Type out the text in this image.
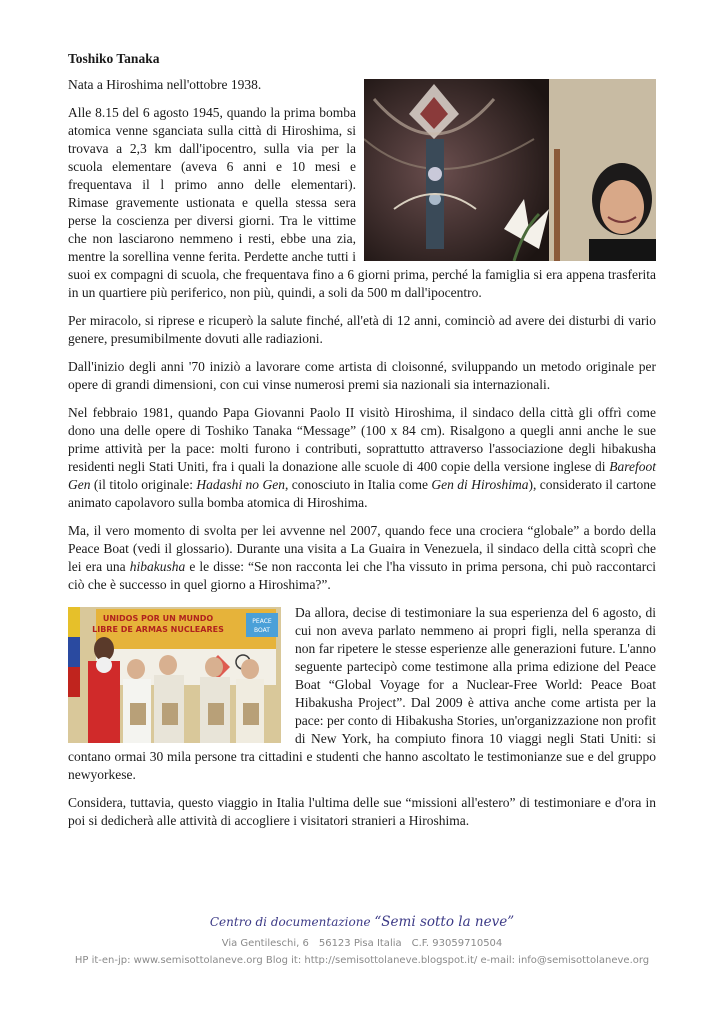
Toshiko Tanaka

Nata a Hiroshima nell'ottobre 1938.

Alle 8.15 del 6 agosto 1945, quando la prima bomba atomica venne sganciata sulla città di Hiroshima, si trovava a 2,3 km dall'ipocentro, sulla via per la scuola elementare (aveva 6 anni e 10 mesi e frequentava il l primo anno delle elementari). Rimase gravemente ustionata e quella stessa sera perse la coscienza per diversi giorni. Tra le vittime che non lasciarono nemmeno i resti, ebbe una zia, mentre la sorellina venne ferita. Perdette anche tutti i suoi ex compagni di scuola, che frequentava fino a 6 giorni prima, perché la famiglia si era appena trasferita in un quartiere più periferico, non più, quindi, a soli da 500 m dall'ipocentro.

Per miracolo, si riprese e ricuperò la salute finché, all'età di 12 anni, cominciò ad avere dei disturbi di vario genere, presumibilmente dovuti alle radiazioni.

Dall'inizio degli anni '70 iniziò a lavorare come artista di cloisonné, sviluppando un metodo originale per opere di grandi dimensioni, con cui vinse numerosi premi sia nazionali sia internazionali.

Nel febbraio 1981, quando Papa Giovanni Paolo II visitò Hiroshima, il sindaco della città gli offrì come dono una delle opere di Toshiko Tanaka “Message” (100 x 84 cm). Risalgono a quegli anni anche le sue prime attività per la pace: molti furono i contributi, soprattutto attraverso l'associazione degli hibakusha residenti negli Stati Uniti, fra i quali la donazione alle scuole di 400 copie della versione inglese di Barefoot Gen (il titolo originale: Hadashi no Gen, conosciuto in Italia come Gen di Hiroshima), considerato il cartone animato capolavoro sulla bomba atomica di Hiroshima.

Ma, il vero momento di svolta per lei avvenne nel 2007, quando fece una crociera “globale” a bordo della Peace Boat (vedi il glossario). Durante una visita a La Guaira in Venezuela, il sindaco della città scoprì che lei era una hibakusha e le disse: “Se non racconta lei che l'ha vissuto in prima persona, chi può raccontarci ciò che è successo in quel giorno a Hiroshima?”.

UNIDOS POR UN MUNDO
LIBRE DE ARMAS NUCLEARES
PEACE
BOAT

Da allora, decise di testimoniare la sua esperienza del 6 agosto, di cui non aveva parlato nemmeno ai propri figli, nella speranza di non far ripetere le stesse esperienze alle generazioni future. L'anno seguente partecipò come testimone alla prima edizione del Peace Boat “Global Voyage for a Nuclear-Free World: Peace Boat Hibakusha Project”. Dal 2009 è attiva anche come artista per la pace: per conto di Hibakusha Stories, un'organizzazione non profit di New York, ha compiuto finora 10 viaggi negli Stati Uniti: si contano ormai 30 mila persone tra cittadini e studenti che hanno ascoltato le testimonianze sue e del gruppo newyorkese.

Considera, tuttavia, questo viaggio in Italia l'ultima delle sue “missioni all'estero” di testimoniare e d'ora in poi si dedicherà alle attività di accogliere i visitatori stranieri a Hiroshima.

Centro di documentazione “Semi sotto la neve”
Via Gentileschi, 6 56123 Pisa Italia C.F. 93059710504
HP it-en-jp: www.semisottolaneve.org Blog it: http://semisottolaneve.blogspot.it/ e-mail: info@semisottolaneve.org
